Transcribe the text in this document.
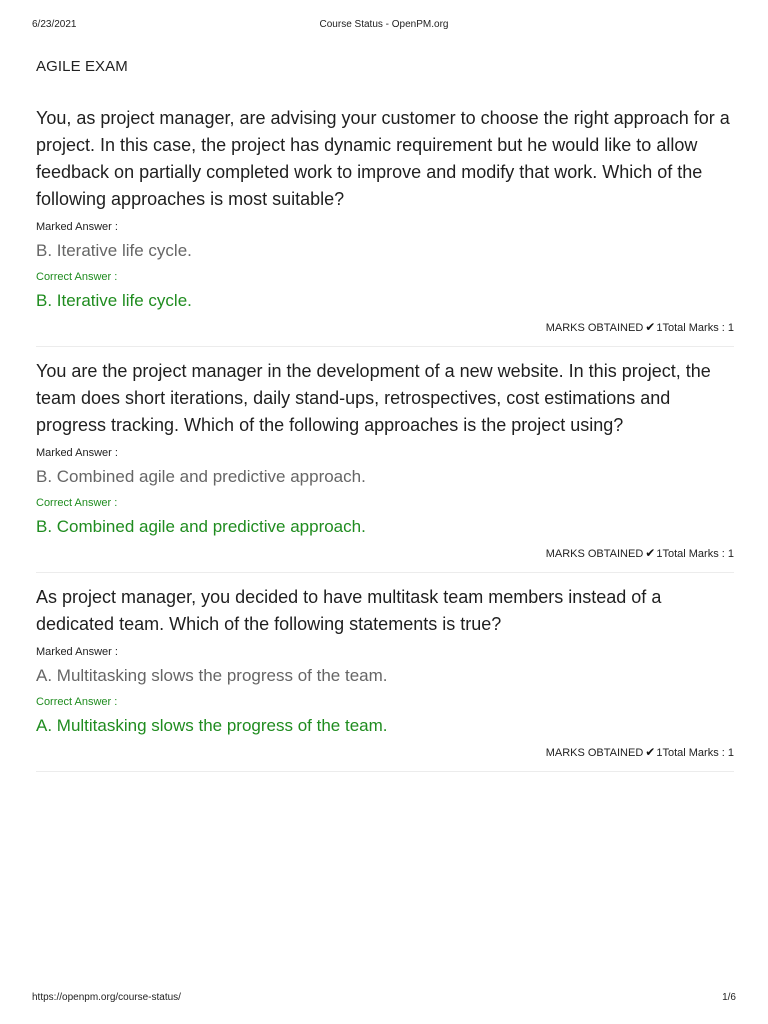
6/23/2021	Course Status - OpenPM.org
AGILE EXAM

You, as project manager, are advising your customer to choose the right approach for a project. In this case, the project has dynamic requirement but he would like to allow feedback on partially completed work to improve and modify that work. Which of the following approaches is most suitable?

Marked Answer :
B. Iterative life cycle.
Correct Answer :
B. Iterative life cycle.
MARKS OBTAINED ✔1Total Marks : 1

You are the project manager in the development of a new website. In this project, the team does short iterations, daily stand-ups, retrospectives, cost estimations and progress tracking. Which of the following approaches is the project using?

Marked Answer :
B. Combined agile and predictive approach.
Correct Answer :
B. Combined agile and predictive approach.
MARKS OBTAINED ✔1Total Marks : 1

As project manager, you decided to have multitask team members instead of a dedicated team. Which of the following statements is true?

Marked Answer :
A. Multitasking slows the progress of the team.
Correct Answer :
A. Multitasking slows the progress of the team.
MARKS OBTAINED ✔1Total Marks : 1
https://openpm.org/course-status/	1/6
